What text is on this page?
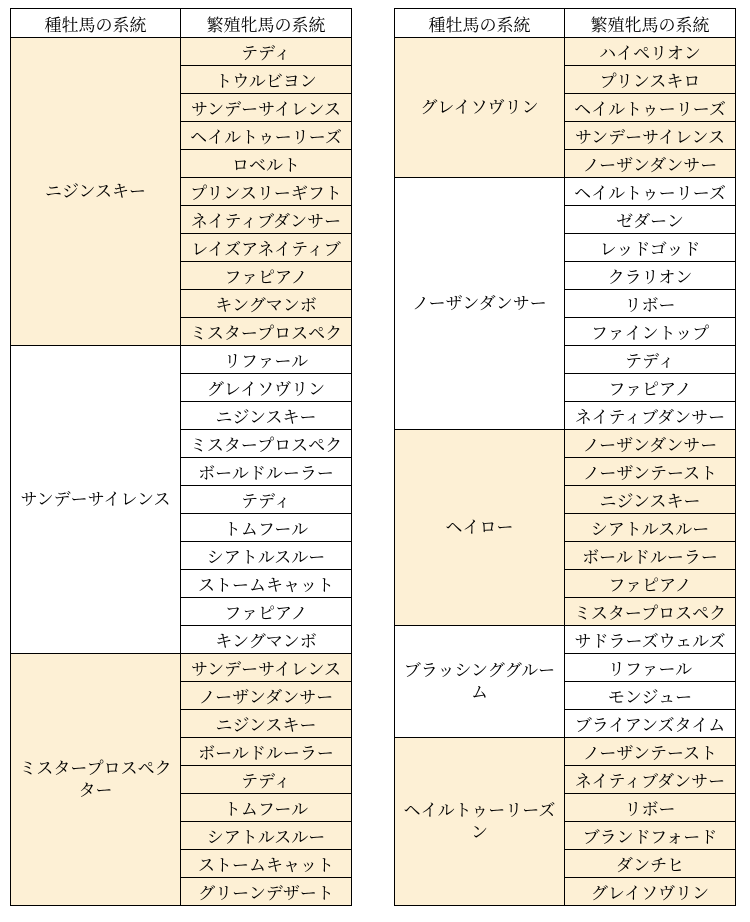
種牡馬の系統	繁殖牝馬の系統
ニジンスキー	テディ
	トウルビヨン
	サンデーサイレンス
	ヘイルトゥーリーズ
	ロベルト
	プリンスリーギフト
	ネイティブダンサー
	レイズアネイティブ
	ファピアノ
	キングマンボ
	ミスタープロスペク
サンデーサイレンス	リファール
	グレイソヴリン
	ニジンスキー
	ミスタープロスペク
	ボールドルーラー
	テディ
	トムフール
	シアトルスルー
	ストームキャット
	ファピアノ
	キングマンボ
ミスタープロスペクター	サンデーサイレンス
	ノーザンダンサー
	ニジンスキー
	ボールドルーラー
	テディ
	トムフール
	シアトルスルー
	ストームキャット
	グリーンデザート
種牡馬の系統	繁殖牝馬の系統
グレイソヴリン	ハイペリオン
	プリンスキロ
	ヘイルトゥーリーズ
	サンデーサイレンス
	ノーザンダンサー
ノーザンダンサー	ヘイルトゥーリーズ
	ゼダーン
	レッドゴッド
	クラリオン
	リボー
	ファイントップ
	テディ
	ファピアノ
	ネイティブダンサー
ヘイロー	ノーザンダンサー
	ノーザンテースト
	ニジンスキー
	シアトルスルー
	ボールドルーラー
	ファピアノ
	ミスタープロスペク
ブラッシンググルーム	サドラーズウェルズ
	リファール
	モンジュー
	ブライアンズタイム
ヘイルトゥーリーズン	ノーザンテースト
	ネイティブダンサー
	リボー
	ブランドフォード
	ダンチヒ
	グレイソヴリン
